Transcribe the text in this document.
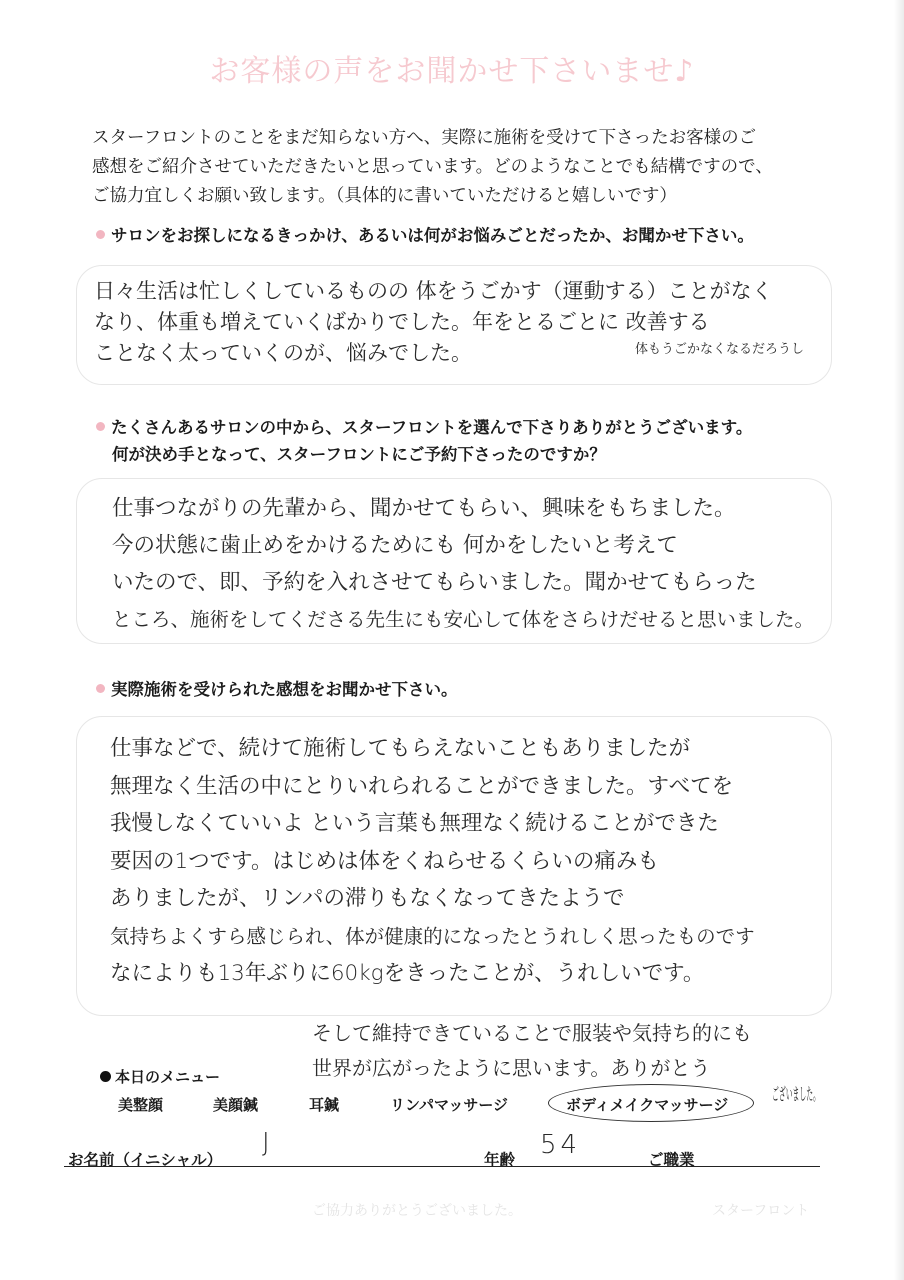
お客様の声をお聞かせ下さいませ♪
スターフロントのことをまだ知らない方へ、実際に施術を受けて下さったお客様のご
感想をご紹介させていただきたいと思っています。どのようなことでも結構ですので、
ご協力宜しくお願い致します。（具体的に書いていただけると嬉しいです）
サロンをお探しになるきっかけ、あるいは何がお悩みごとだったか、お聞かせ下さい。
日々生活は忙しくしているものの 体をうごかす（運動する）ことがなく
なり、体重も増えていくばかりでした。年をとるごとに 改善する
ことなく太っていくのが、悩みでした。	体もうごかなくなるだろうし
たくさんあるサロンの中から、スターフロントを選んで下さりありがとうございます。
何が決め手となって、スターフロントにご予約下さったのですか？
仕事つながりの先輩から、聞かせてもらい、興味をもちました。
今の状態に歯止めをかけるためにも 何かをしたいと考えて
いたので、即、予約を入れさせてもらいました。聞かせてもらった
ところ、施術をしてくださる先生にも安心して体をさらけだせると思いました。
実際施術を受けられた感想をお聞かせ下さい。
仕事などで、続けて施術してもらえないこともありましたが
無理なく生活の中にとりいれられることができました。すべてを
我慢しなくていいよ という言葉も無理なく続けることができた
要因の1つです。はじめは体をくねらせるくらいの痛みも
ありましたが、リンパの滞りもなくなってきたようで
気持ちよくすら感じられ、体が健康的になったとうれしく思ったものです
なによりも13年ぶりに60kgをきったことが、うれしいです。
そして維持できていることで服装や気持ち的にも
世界が広がったように思います。ありがとう
ございました。
本日のメニュー
美整顔	美顔鍼	耳鍼	リンパマッサージ	ボディメイクマッサージ
お名前（イニシャル）
J
年齢 54	ご職業
ご協力ありがとうございました。	スターフロント
